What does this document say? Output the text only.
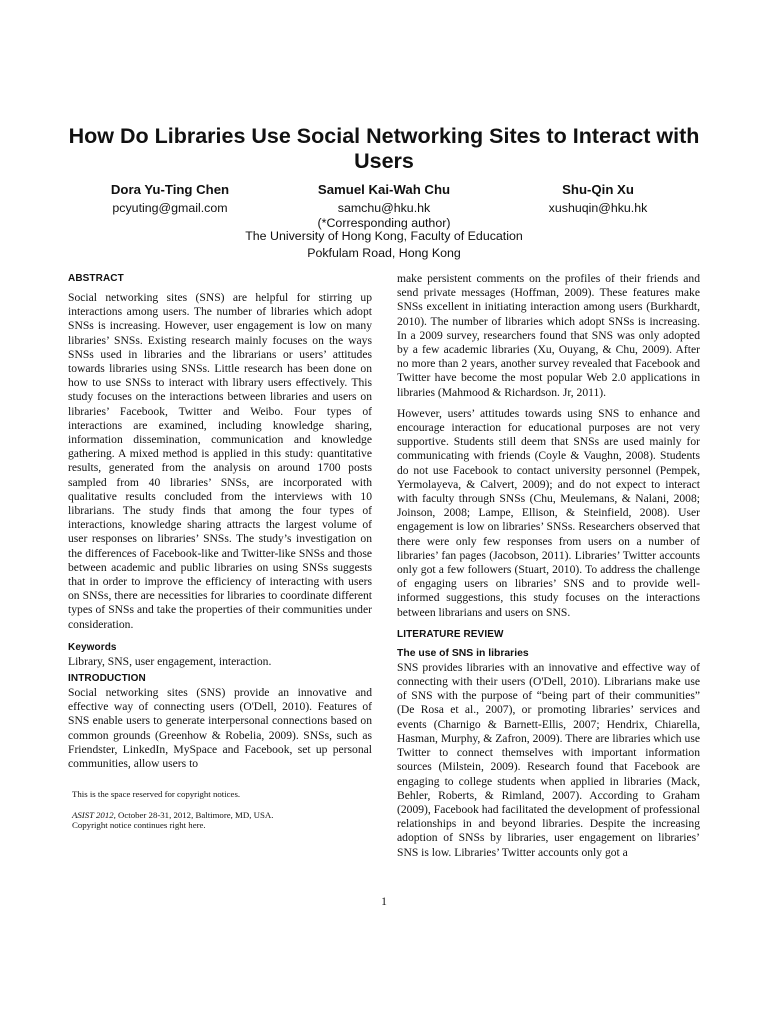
How Do Libraries Use Social Networking Sites to Interact with Users
Dora Yu-Ting Chen
pcyuting@gmail.com
Samuel Kai-Wah Chu
samchu@hku.hk
(*Corresponding author)
Shu-Qin Xu
xushuqin@hku.hk
The University of Hong Kong, Faculty of Education
Pokfulam Road, Hong Kong
ABSTRACT

Social networking sites (SNS) are helpful for stirring up interactions among users. The number of libraries which adopt SNSs is increasing. However, user engagement is low on many libraries’ SNSs. Existing research mainly focuses on the ways SNSs used in libraries and the librarians or users’ attitudes towards libraries using SNSs. Little research has been done on how to use SNSs to interact with library users effectively. This study focuses on the interactions between libraries and users on libraries’ Facebook, Twitter and Weibo. Four types of interactions are examined, including knowledge sharing, information dissemination, communication and knowledge gathering. A mixed method is applied in this study: quantitative results, generated from the analysis on around 1700 posts sampled from 40 libraries’ SNSs, are incorporated with qualitative results concluded from the interviews with 10 librarians. The study finds that among the four types of interactions, knowledge sharing attracts the largest volume of user responses on libraries’ SNSs. The study’s investigation on the differences of Facebook-like and Twitter-like SNSs and those between academic and public libraries on using SNSs suggests that in order to improve the efficiency of interacting with users on SNSs, there are necessities for libraries to coordinate different types of SNSs and take the properties of their communities under consideration.

Keywords

Library, SNS, user engagement, interaction.

INTRODUCTION

Social networking sites (SNS) provide an innovative and effective way of connecting users (O'Dell, 2010). Features of SNS enable users to generate interpersonal connections based on common grounds (Greenhow & Robelia, 2009). SNSs, such as Friendster, LinkedIn, MySpace and Facebook, set up personal communities, allow users to

This is the space reserved for copyright notices.

ASIST 2012, October 28-31, 2012, Baltimore, MD, USA.

Copyright notice continues right here.

make persistent comments on the profiles of their friends and send private messages (Hoffman, 2009). These features make SNSs excellent in initiating interaction among users (Burkhardt, 2010). The number of libraries which adopt SNSs is increasing. In a 2009 survey, researchers found that SNS was only adopted by a few academic libraries (Xu, Ouyang, & Chu, 2009). After no more than 2 years, another survey revealed that Facebook and Twitter have become the most popular Web 2.0 applications in libraries (Mahmood & Richardson. Jr, 2011).

However, users’ attitudes towards using SNS to enhance and encourage interaction for educational purposes are not very supportive. Students still deem that SNSs are used mainly for communicating with friends (Coyle & Vaughn, 2008). Students do not use Facebook to contact university personnel (Pempek, Yermolayeva, & Calvert, 2009); and do not expect to interact with faculty through SNSs (Chu, Meulemans, & Nalani, 2008; Joinson, 2008; Lampe, Ellison, & Steinfield, 2008). User engagement is low on libraries’ SNSs. Researchers observed that there were only few responses from users on a number of libraries’ fan pages (Jacobson, 2011). Libraries’ Twitter accounts only got a few followers (Stuart, 2010). To address the challenge of engaging users on libraries’ SNS and to provide well-informed suggestions, this study focuses on the interactions between librarians and users on SNS.

LITERATURE REVIEW
The use of SNS in libraries

SNS provides libraries with an innovative and effective way of connecting with their users (O'Dell, 2010). Librarians make use of SNS with the purpose of “being part of their communities” (De Rosa et al., 2007), or promoting libraries’ services and events (Charnigo & Barnett-Ellis, 2007; Hendrix, Chiarella, Hasman, Murphy, & Zafron, 2009). There are libraries which use Twitter to connect themselves with important information sources (Milstein, 2009). Research found that Facebook are engaging to college students when applied in libraries (Mack, Behler, Roberts, & Rimland, 2007). According to Graham (2009), Facebook had facilitated the development of professional relationships in and beyond libraries. Despite the increasing adoption of SNSs by libraries, user engagement on libraries’ SNS is low. Libraries’ Twitter accounts only got a

1
